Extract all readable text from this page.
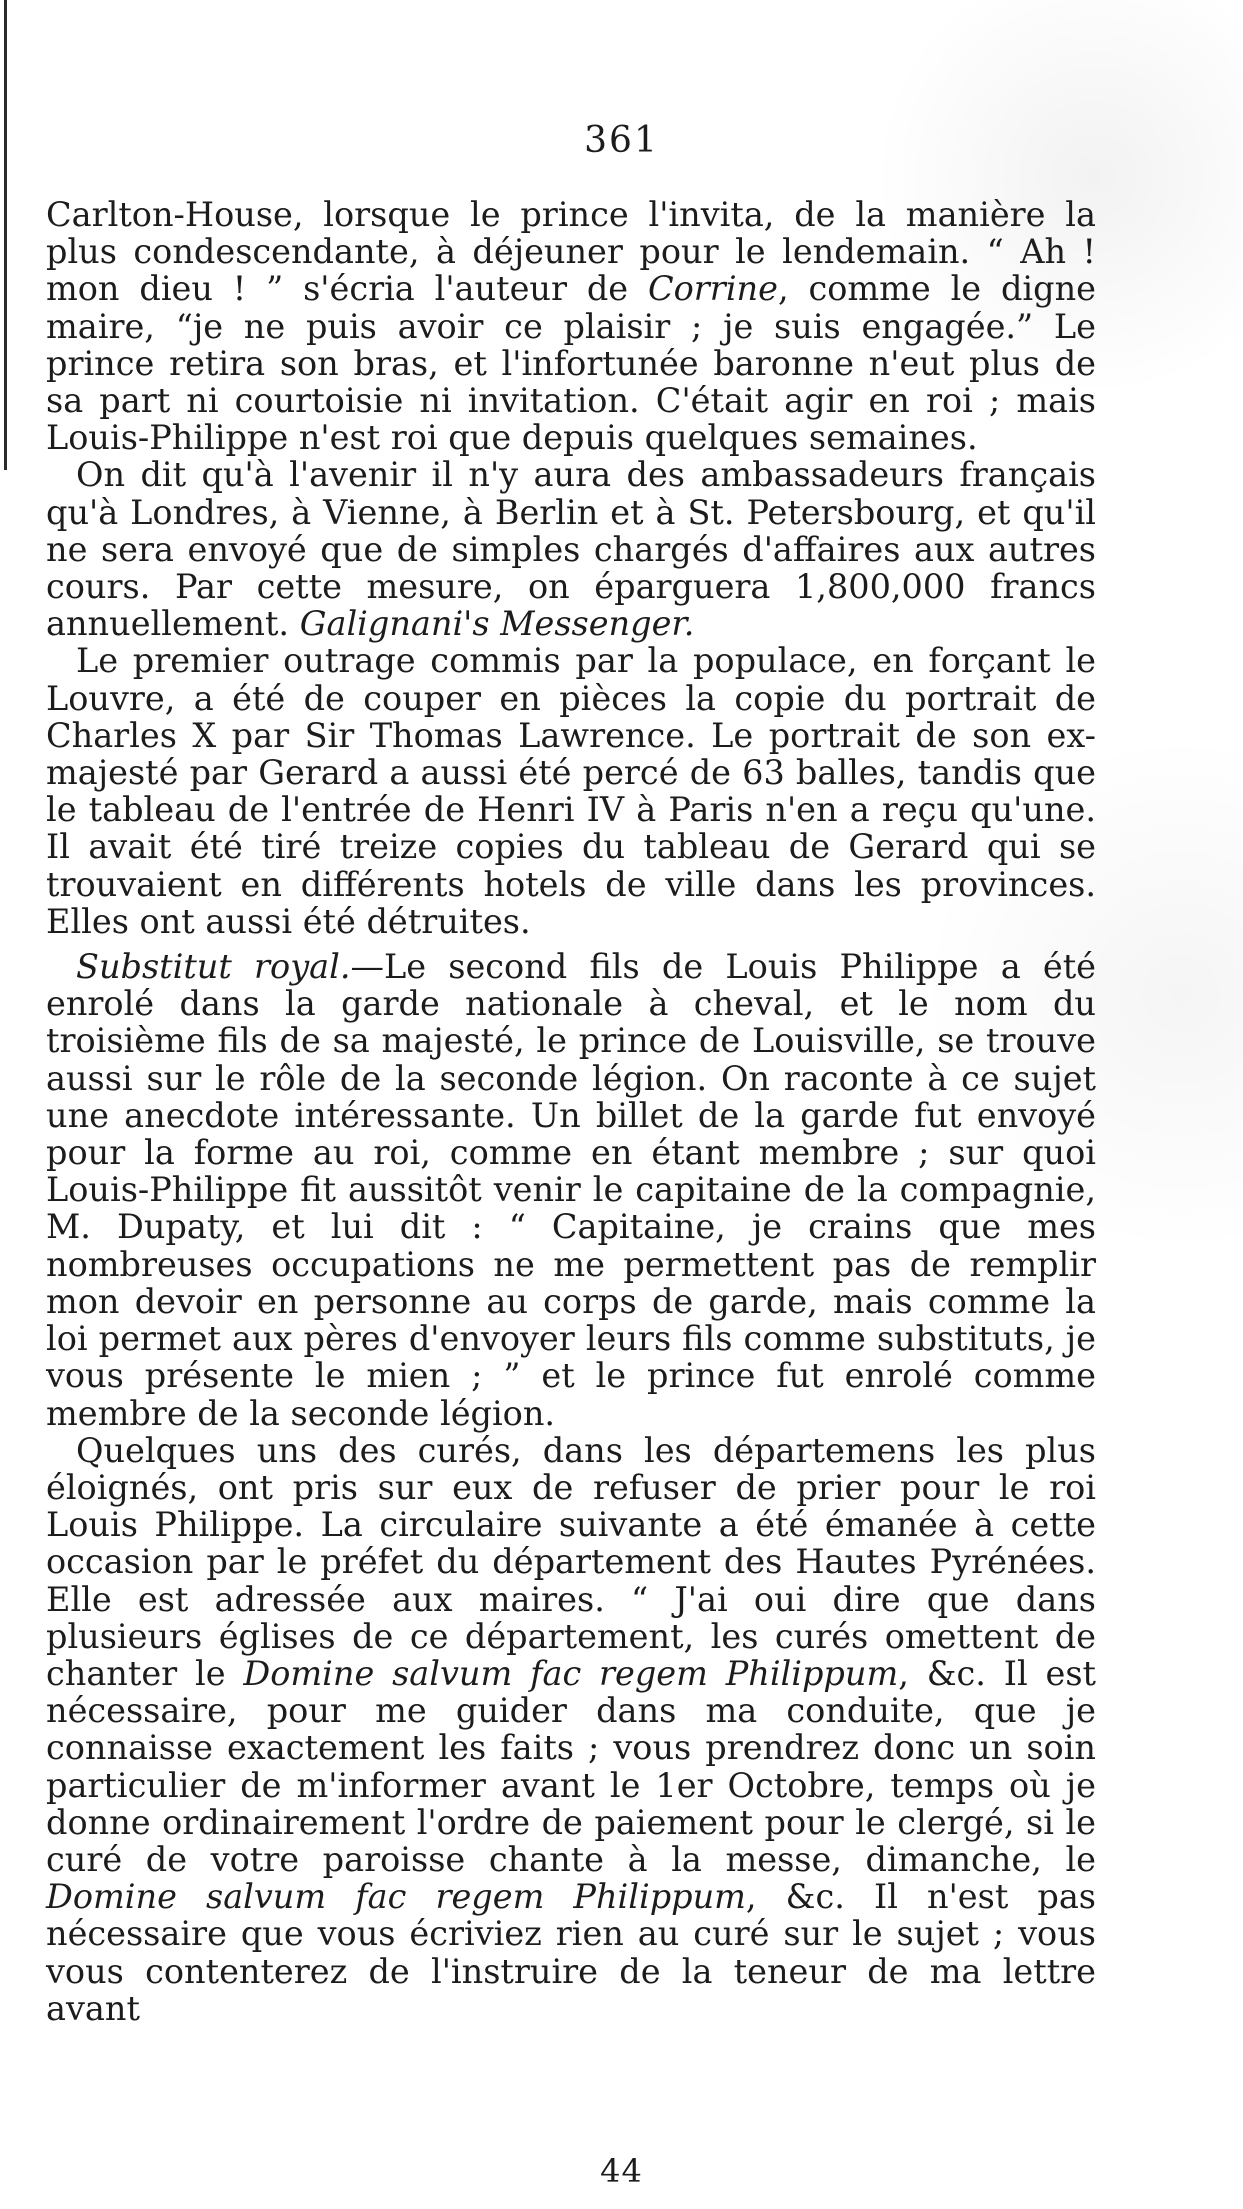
361

Carlton-House, lorsque le prince l'invita, de la manière la plus condescendante, à déjeuner pour le lendemain. “ Ah ! mon dieu ! ” s'écria l'auteur de Corrine, comme le digne maire, “je ne puis avoir ce plaisir ; je suis engagée.” Le prince retira son bras, et l'infortunée baronne n'eut plus de sa part ni courtoisie ni invitation. C'était agir en roi ; mais Louis-Philippe n'est roi que depuis quelques semaines.

On dit qu'à l'avenir il n'y aura des ambassadeurs français qu'à Londres, à Vienne, à Berlin et à St. Petersbourg, et qu'il ne sera envoyé que de simples chargés d'affaires aux autres cours. Par cette mesure, on éparguera 1,800,000 francs annuellement. Galignani's Messenger.

Le premier outrage commis par la populace, en forçant le Louvre, a été de couper en pièces la copie du portrait de Charles X par Sir Thomas Lawrence. Le portrait de son ex-majesté par Gerard a aussi été percé de 63 balles, tandis que le tableau de l'entrée de Henri IV à Paris n'en a reçu qu'une. Il avait été tiré treize copies du tableau de Gerard qui se trouvaient en différents hotels de ville dans les provinces. Elles ont aussi été détruites.

Substitut royal.—Le second fils de Louis Philippe a été enrolé dans la garde nationale à cheval, et le nom du troisième fils de sa majesté, le prince de Louisville, se trouve aussi sur le rôle de la seconde légion. On raconte à ce sujet une anecdote intéressante. Un billet de la garde fut envoyé pour la forme au roi, comme en étant membre ; sur quoi Louis-Philippe fit aussitôt venir le capitaine de la compagnie, M. Dupaty, et lui dit : “ Capitaine, je crains que mes nombreuses occupations ne me permettent pas de remplir mon devoir en personne au corps de garde, mais comme la loi permet aux pères d'envoyer leurs fils comme substituts, je vous présente le mien ; ” et le prince fut enrolé comme membre de la seconde légion.

Quelques uns des curés, dans les départemens les plus éloignés, ont pris sur eux de refuser de prier pour le roi Louis Philippe. La circulaire suivante a été émanée à cette occasion par le préfet du département des Hautes Pyrénées. Elle est adressée aux maires. “ J'ai oui dire que dans plusieurs églises de ce département, les curés omettent de chanter le Domine salvum fac regem Philippum, &c. Il est nécessaire, pour me guider dans ma conduite, que je connaisse exactement les faits ; vous prendrez donc un soin particulier de m'informer avant le 1er Octobre, temps où je donne ordinairement l'ordre de paiement pour le clergé, si le curé de votre paroisse chante à la messe, dimanche, le Domine salvum fac regem Philippum, &c. Il n'est pas nécessaire que vous écriviez rien au curé sur le sujet ; vous vous contenterez de l'instruire de la teneur de ma lettre avant

44
